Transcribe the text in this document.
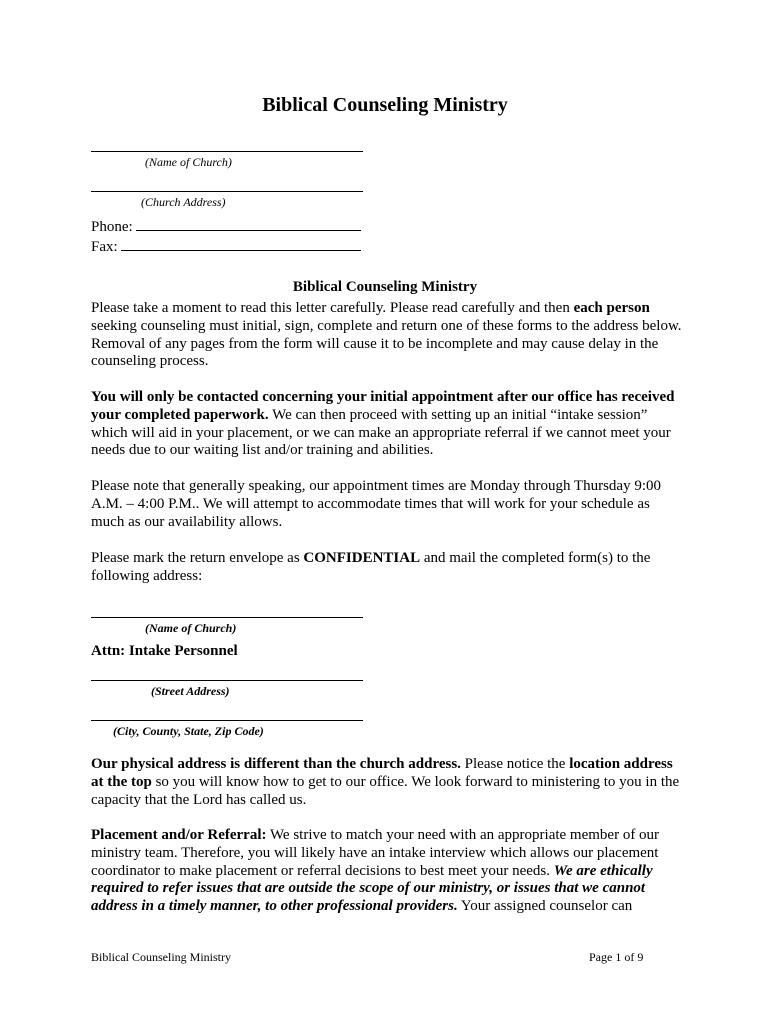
Biblical Counseling Ministry
(Name of Church)
(Church Address)
Phone:
Fax:
Biblical Counseling Ministry
Please take a moment to read this letter carefully. Please read carefully and then each person seeking counseling must initial, sign, complete and return one of these forms to the address below. Removal of any pages from the form will cause it to be incomplete and may cause delay in the counseling process.
You will only be contacted concerning your initial appointment after our office has received your completed paperwork. We can then proceed with setting up an initial “intake session” which will aid in your placement, or we can make an appropriate referral if we cannot meet your needs due to our waiting list and/or training and abilities.
Please note that generally speaking, our appointment times are Monday through Thursday 9:00 A.M. – 4:00 P.M.. We will attempt to accommodate times that will work for your schedule as much as our availability allows.
Please mark the return envelope as CONFIDENTIAL and mail the completed form(s) to the following address:
(Name of Church)
Attn: Intake Personnel
(Street Address)
(City, County, State, Zip Code)
Our physical address is different than the church address. Please notice the location address at the top so you will know how to get to our office. We look forward to ministering to you in the capacity that the Lord has called us.
Placement and/or Referral: We strive to match your need with an appropriate member of our ministry team. Therefore, you will likely have an intake interview which allows our placement coordinator to make placement or referral decisions to best meet your needs. We are ethically required to refer issues that are outside the scope of our ministry, or issues that we cannot address in a timely manner, to other professional providers. Your assigned counselor can
Biblical Counseling Ministry	Page 1 of 9
